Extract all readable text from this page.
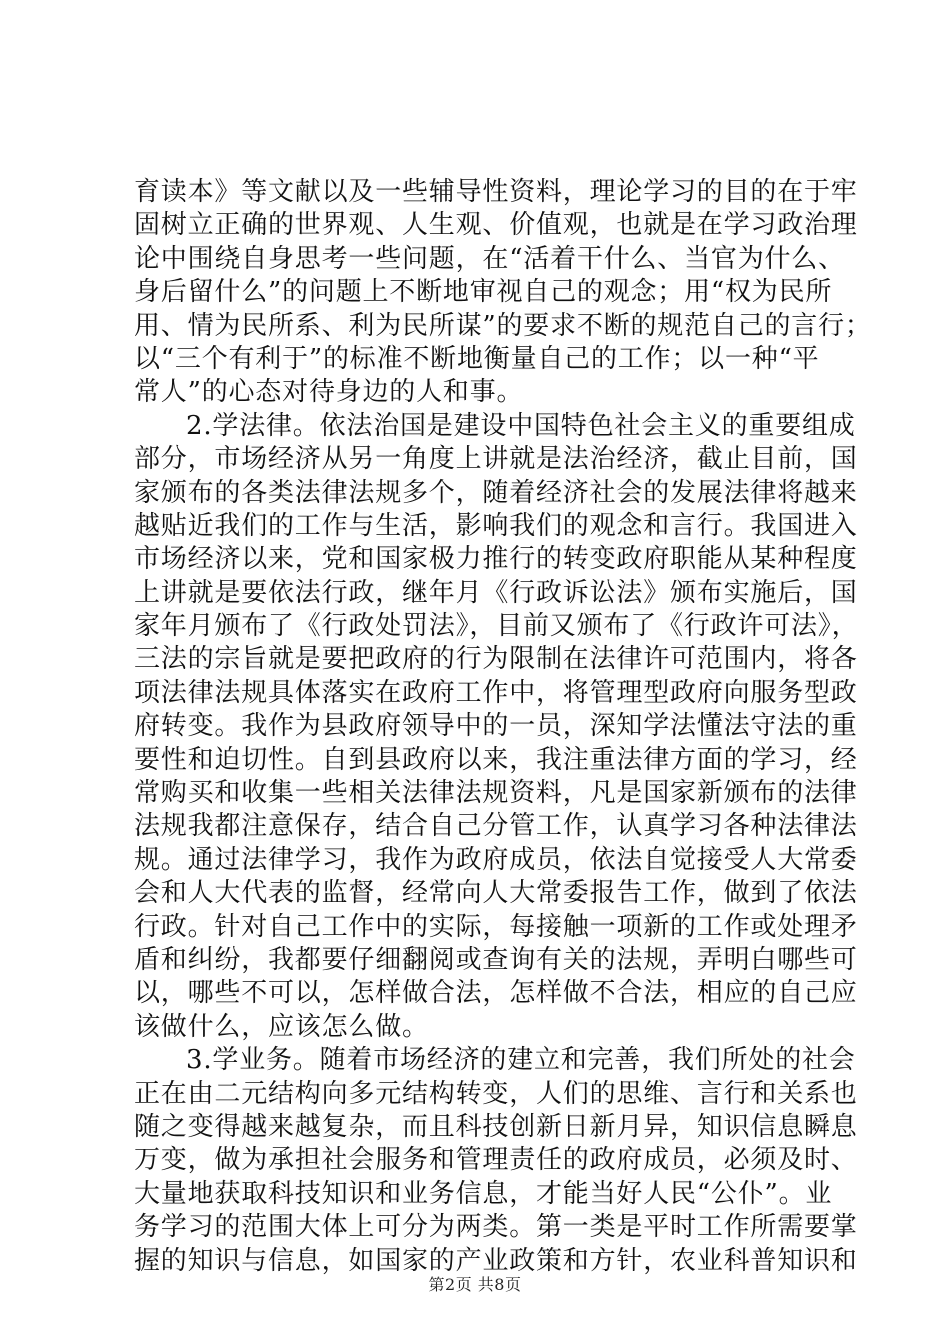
育读本》等文献以及一些辅导性资料，理论学习的目的在于牢
固树立正确的世界观、人生观、价值观，也就是在学习政治理
论中围绕自身思考一些问题，在“活着干什么、当官为什么、
身后留什么”的问题上不断地审视自己的观念；用“权为民所
用、情为民所系、利为民所谋”的要求不断的规范自己的言行；
以“三个有利于”的标准不断地衡量自己的工作；以一种“平
常人”的心态对待身边的人和事。
2.学法律。依法治国是建设中国特色社会主义的重要组成
部分，市场经济从另一角度上讲就是法治经济，截止目前，国
家颁布的各类法律法规多个，随着经济社会的发展法律将越来
越贴近我们的工作与生活，影响我们的观念和言行。我国进入
市场经济以来，党和国家极力推行的转变政府职能从某种程度
上讲就是要依法行政，继年月《行政诉讼法》颁布实施后，国
家年月颁布了《行政处罚法》，目前又颁布了《行政许可法》，
三法的宗旨就是要把政府的行为限制在法律许可范围内，将各
项法律法规具体落实在政府工作中，将管理型政府向服务型政
府转变。我作为县政府领导中的一员，深知学法懂法守法的重
要性和迫切性。自到县政府以来，我注重法律方面的学习，经
常购买和收集一些相关法律法规资料，凡是国家新颁布的法律
法规我都注意保存，结合自己分管工作，认真学习各种法律法
规。通过法律学习，我作为政府成员，依法自觉接受人大常委
会和人大代表的监督，经常向人大常委报告工作，做到了依法
行政。针对自己工作中的实际，每接触一项新的工作或处理矛
盾和纠纷，我都要仔细翻阅或查询有关的法规，弄明白哪些可
以，哪些不可以，怎样做合法，怎样做不合法，相应的自己应
该做什么，应该怎么做。
3.学业务。随着市场经济的建立和完善，我们所处的社会
正在由二元结构向多元结构转变，人们的思维、言行和关系也
随之变得越来越复杂，而且科技创新日新月异，知识信息瞬息
万变，做为承担社会服务和管理责任的政府成员，必须及时、
大量地获取科技知识和业务信息，才能当好人民“公仆”。业
务学习的范围大体上可分为两类。第一类是平时工作所需要掌
握的知识与信息，如国家的产业政策和方针，农业科普知识和
第2页 共8页
